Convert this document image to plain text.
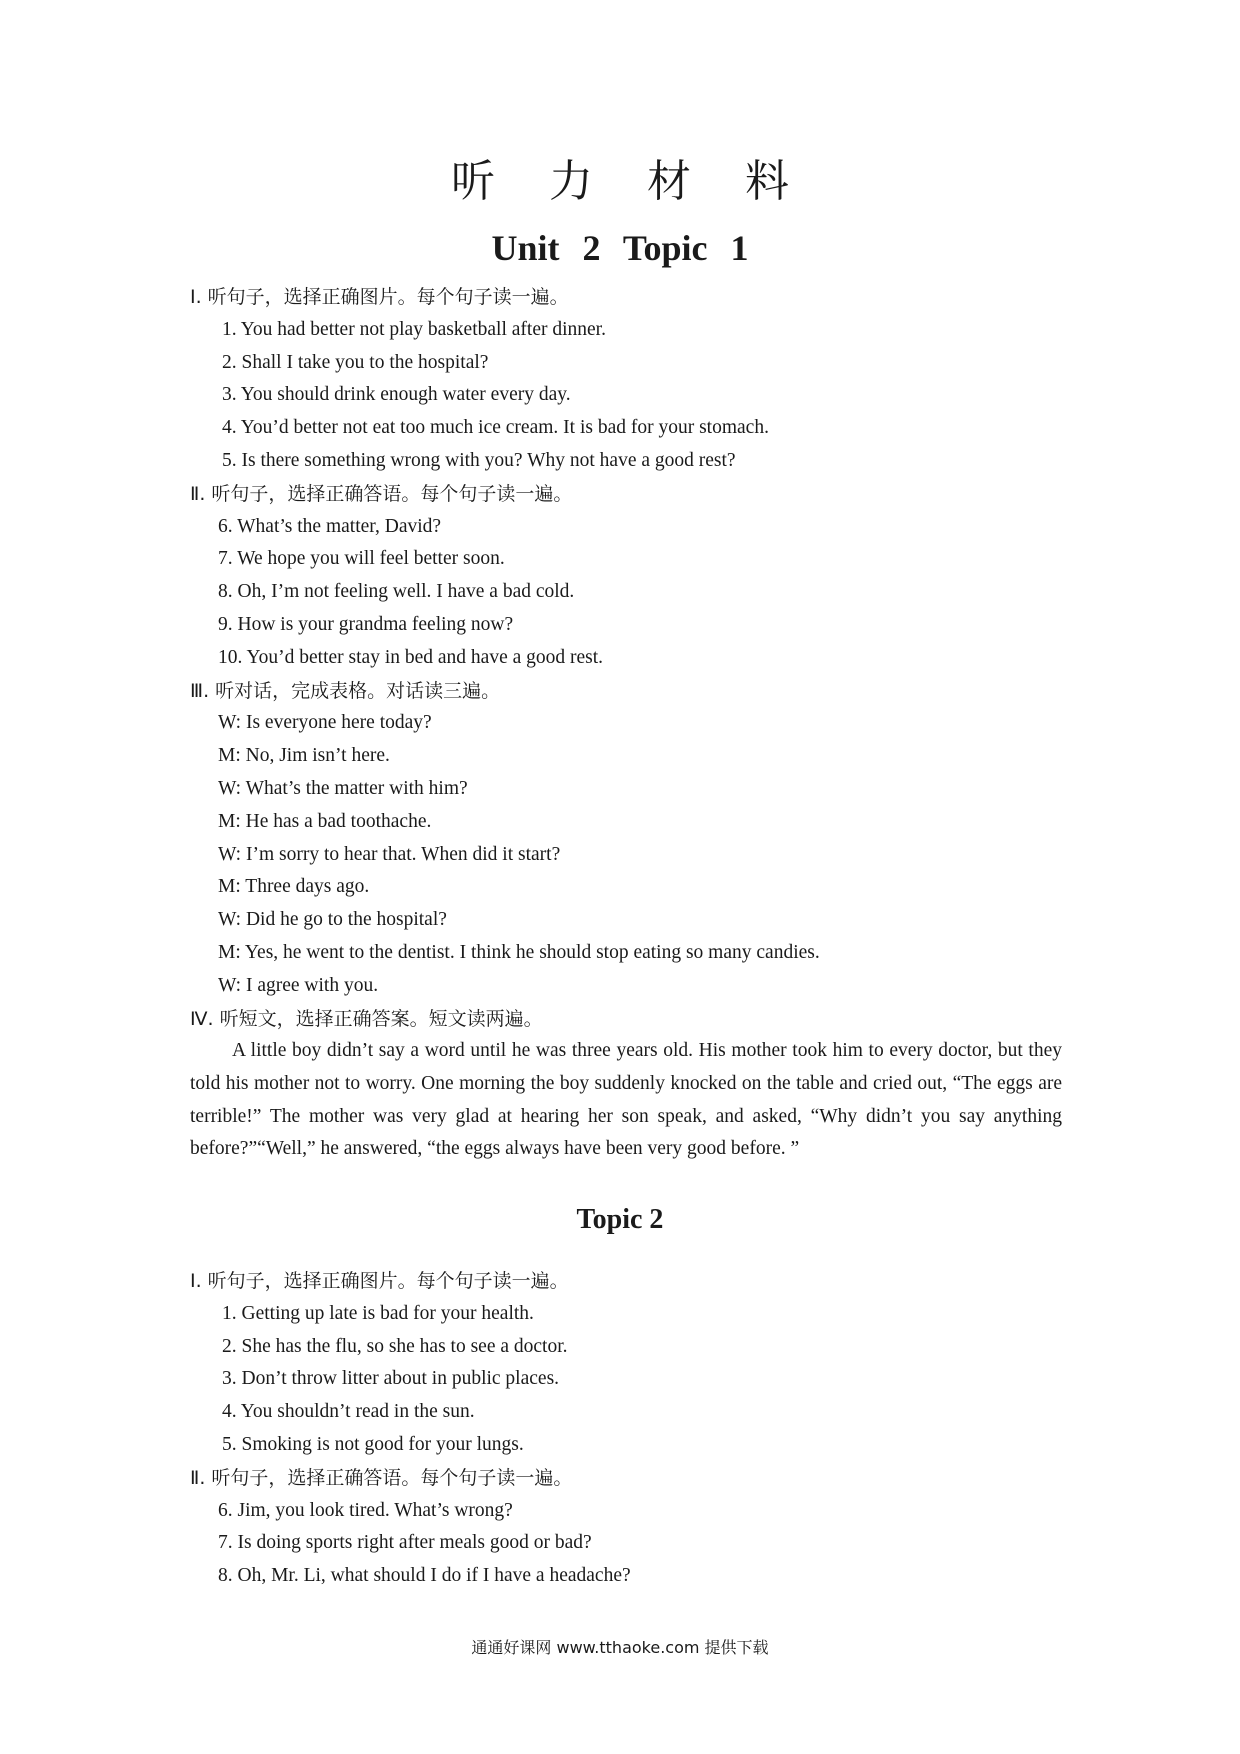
听 力 材 料
Unit 2 Topic 1
Ⅰ. 听句子，选择正确图片。每个句子读一遍。
1. You had better not play basketball after dinner.
2. Shall I take you to the hospital?
3. You should drink enough water every day.
4. You’d better not eat too much ice cream. It is bad for your stomach.
5. Is there something wrong with you? Why not have a good rest?
Ⅱ. 听句子，选择正确答语。每个句子读一遍。
6. What’s the matter, David?
7. We hope you will feel better soon.
8. Oh, I’m not feeling well. I have a bad cold.
9. How is your grandma feeling now?
10. You’d better stay in bed and have a good rest.
Ⅲ. 听对话，完成表格。对话读三遍。
W: Is everyone here today?
M: No, Jim isn’t here.
W: What’s the matter with him?
M: He has a bad toothache.
W: I’m sorry to hear that. When did it start?
M: Three days ago.
W: Did he go to the hospital?
M: Yes, he went to the dentist. I think he should stop eating so many candies.
W: I agree with you.
Ⅳ. 听短文，选择正确答案。短文读两遍。
A little boy didn’t say a word until he was three years old. His mother took him to every doctor, but they told his mother not to worry. One morning the boy suddenly knocked on the table and cried out, “The eggs are terrible!” The mother was very glad at hearing her son speak, and asked, “Why didn’t you say anything before?”“Well,” he answered, “the eggs always have been very good before. ”
Topic 2
Ⅰ. 听句子，选择正确图片。每个句子读一遍。
1. Getting up late is bad for your health.
2. She has the flu, so she has to see a doctor.
3. Don’t throw litter about in public places.
4. You shouldn’t read in the sun.
5. Smoking is not good for your lungs.
Ⅱ. 听句子，选择正确答语。每个句子读一遍。
6. Jim, you look tired. What’s wrong?
7. Is doing sports right after meals good or bad?
8. Oh, Mr. Li, what should I do if I have a headache?
通通好课网 www.tthaoke.com 提供下载
